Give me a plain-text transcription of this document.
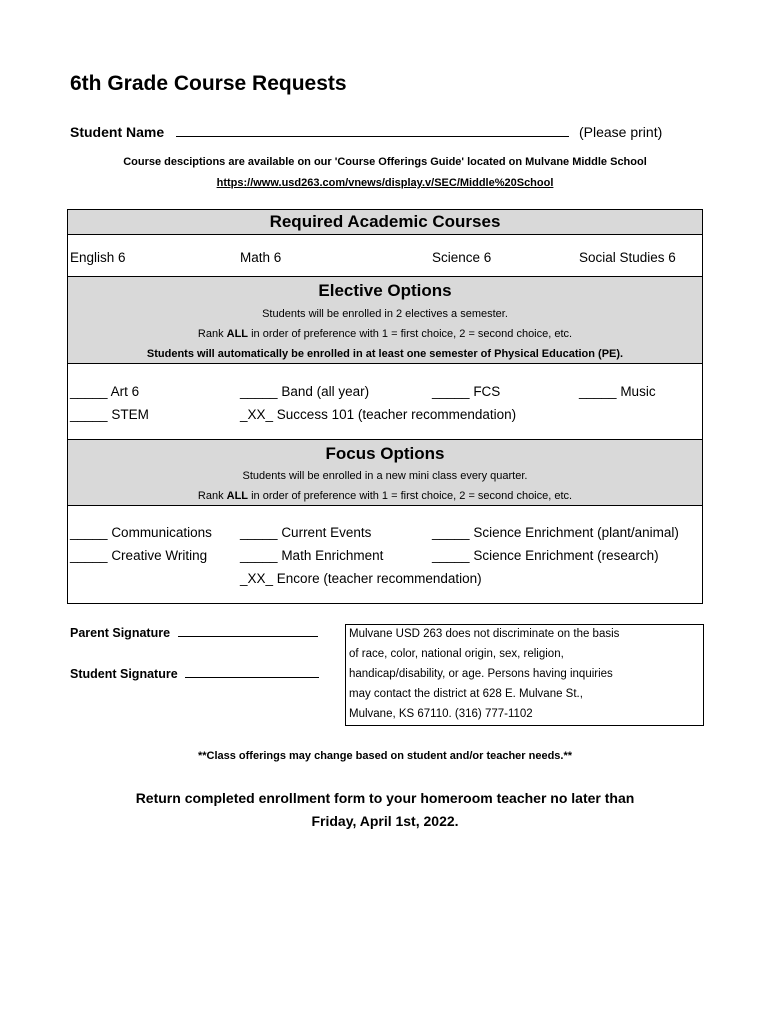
6th Grade Course Requests
Student Name	(Please print)
Course desciptions are available on our 'Course Offerings Guide' located on Mulvane Middle School
https://www.usd263.com/vnews/display.v/SEC/Middle%20School
Required Academic Courses
English 6	Math 6	Science 6	Social Studies 6
Elective Options
Students will be enrolled in 2 electives a semester.
Rank ALL in order of preference with 1 = first choice, 2 = second choice, etc.
Students will automatically be enrolled in at least one semester of Physical Education (PE).
_____ Art 6	_____ Band (all year)	_____ FCS	_____ Music
_____ STEM	_XX_ Success 101 (teacher recommendation)
Focus Options
Students will be enrolled in a new mini class every quarter.
Rank ALL in order of preference with 1 = first choice, 2 = second choice, etc.
_____ Communications _____ Current Events	_____ Science Enrichment (plant/animal)
_____ Creative Writing _____ Math Enrichment	_____ Science Enrichment (research)
_XX_ Encore (teacher recommendation)
Parent Signature
Student Signature
Mulvane USD 263 does not discriminate on the basis
of race, color, national origin, sex, religion,
handicap/disability, or age. Persons having inquiries
may contact the district at 628 E. Mulvane St.,
Mulvane, KS 67110. (316) 777-1102
**Class offerings may change based on student and/or teacher needs.**
Return completed enrollment form to your homeroom teacher no later than
Friday, April 1st, 2022.
